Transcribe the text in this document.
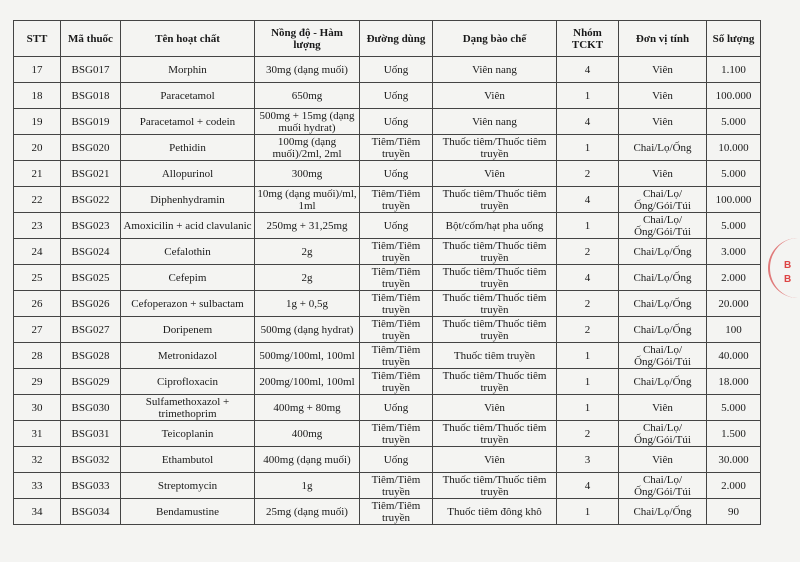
STT	Mã thuốc	Tên hoạt chất	Nồng độ - Hàm lượng	Đường dùng	Dạng bào chế	Nhóm TCKT	Đơn vị tính	Số lượng
17	BSG017	Morphin	30mg (dạng muối)	Uống	Viên nang	4	Viên	1.100
18	BSG018	Paracetamol	650mg	Uống	Viên	1	Viên	100.000
19	BSG019	Paracetamol + codein	500mg + 15mg (dạng muối hydrat)	Uống	Viên nang	4	Viên	5.000
20	BSG020	Pethidin	100mg (dạng muối)/2ml, 2ml	Tiêm/Tiêm truyền	Thuốc tiêm/Thuốc tiêm truyền	1	Chai/Lọ/Ống	10.000
21	BSG021	Allopurinol	300mg	Uống	Viên	2	Viên	5.000
22	BSG022	Diphenhydramin	10mg (dạng muối)/ml, 1ml	Tiêm/Tiêm truyền	Thuốc tiêm/Thuốc tiêm truyền	4	Chai/Lọ/Ống/Gói/Túi	100.000
23	BSG023	Amoxicilin + acid clavulanic	250mg + 31,25mg	Uống	Bột/cốm/hạt pha uống	1	Chai/Lọ/Ống/Gói/Túi	5.000
24	BSG024	Cefalothin	2g	Tiêm/Tiêm truyền	Thuốc tiêm/Thuốc tiêm truyền	2	Chai/Lọ/Ống	3.000
25	BSG025	Cefepim	2g	Tiêm/Tiêm truyền	Thuốc tiêm/Thuốc tiêm truyền	4	Chai/Lọ/Ống	2.000
26	BSG026	Cefoperazon + sulbactam	1g + 0,5g	Tiêm/Tiêm truyền	Thuốc tiêm/Thuốc tiêm truyền	2	Chai/Lọ/Ống	20.000
27	BSG027	Doripenem	500mg (dạng hydrat)	Tiêm/Tiêm truyền	Thuốc tiêm/Thuốc tiêm truyền	2	Chai/Lọ/Ống	100
28	BSG028	Metronidazol	500mg/100ml, 100ml	Tiêm/Tiêm truyền	Thuốc tiêm truyền	1	Chai/Lọ/Ống/Gói/Túi	40.000
29	BSG029	Ciprofloxacin	200mg/100ml, 100ml	Tiêm/Tiêm truyền	Thuốc tiêm/Thuốc tiêm truyền	1	Chai/Lọ/Ống	18.000
30	BSG030	Sulfamethoxazol + trimethoprim	400mg + 80mg	Uống	Viên	1	Viên	5.000
31	BSG031	Teicoplanin	400mg	Tiêm/Tiêm truyền	Thuốc tiêm/Thuốc tiêm truyền	2	Chai/Lọ/Ống/Gói/Túi	1.500
32	BSG032	Ethambutol	400mg (dạng muối)	Uống	Viên	3	Viên	30.000
33	BSG033	Streptomycin	1g	Tiêm/Tiêm truyền	Thuốc tiêm/Thuốc tiêm truyền	4	Chai/Lọ/Ống/Gói/Túi	2.000
34	BSG034	Bendamustine	25mg (dạng muối)	Tiêm/Tiêm truyền	Thuốc tiêm đông khô	1	Chai/Lọ/Ống	90
B
B
